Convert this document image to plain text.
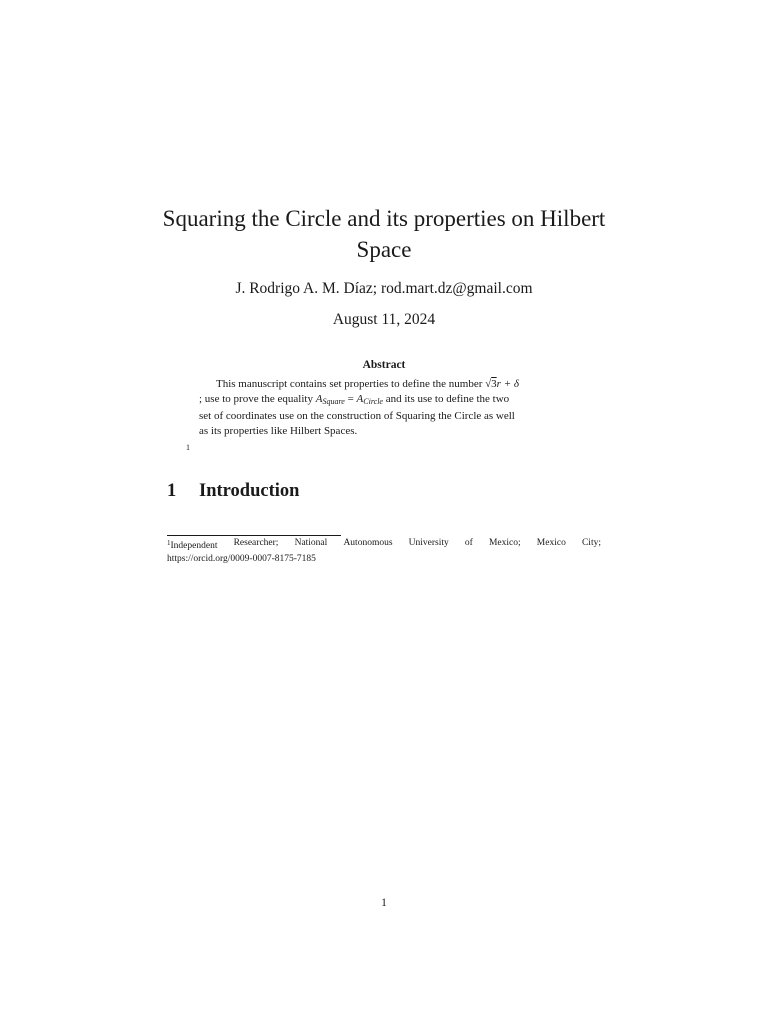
Squaring the Circle and its properties on Hilbert
Space
J. Rodrigo A. M. Díaz; rod.mart.dz@gmail.com
August 11, 2024
Abstract
This manuscript contains set properties to define the number √3r + δ
; use to prove the equality $A_{Square} = A_{Circle}$ and its use to define the two
set of coordinates use on the construction of Squaring the Circle as well
as its properties like Hilbert Spaces.
1
1 Introduction
$^1$Independent Researcher; National Autonomous University of Mexico; Mexico City;
https://orcid.org/0009-0007-8175-7185
1
